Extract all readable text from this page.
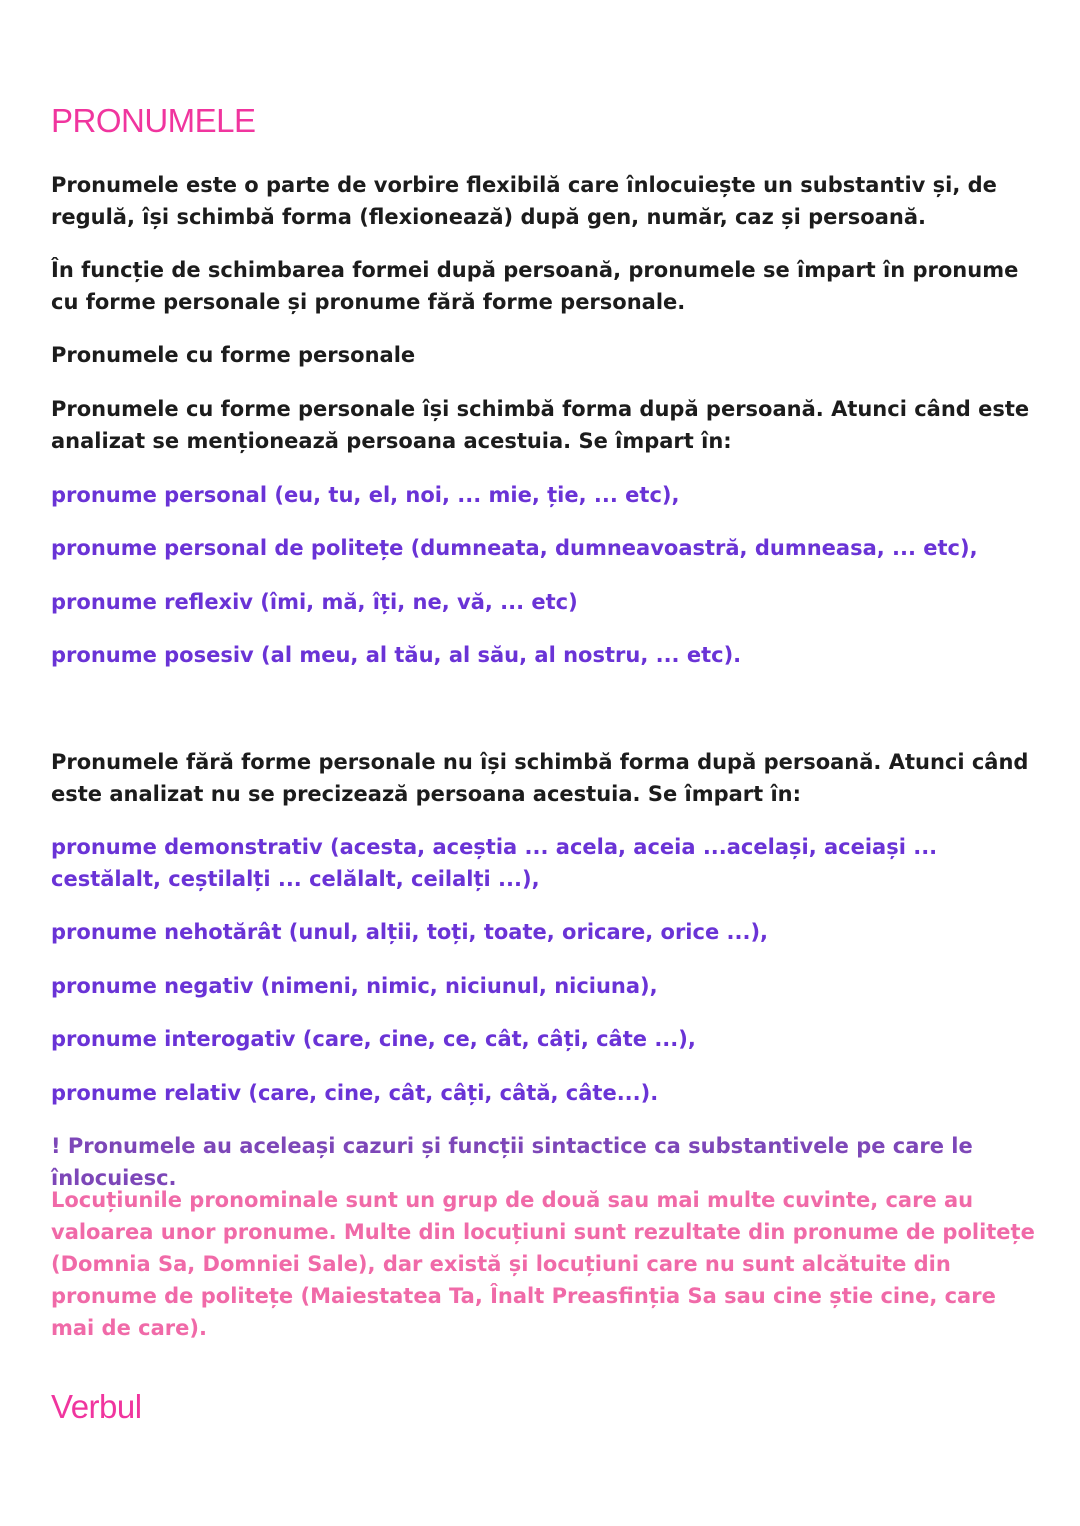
PRONUMELE

Pronumele este o parte de vorbire flexibilă care înlocuiește un substantiv și, de regulă, își schimbă forma (flexionează) după gen, număr, caz și persoană.

În funcție de schimbarea formei după persoană, pronumele se împart în pronume cu forme personale și pronume fără forme personale.

Pronumele cu forme personale

Pronumele cu forme personale își schimbă forma după persoană. Atunci când este analizat se menționează persoana acestuia. Se împart în:

pronume personal (eu, tu, el, noi, ... mie, ție, ... etc),

pronume personal de politețe (dumneata, dumneavoastră, dumneasa, ... etc),

pronume reflexiv (îmi, mă, îți, ne, vă, ... etc)

pronume posesiv (al meu, al tău, al său, al nostru, ... etc).

Pronumele fără forme personale nu își schimbă forma după persoană. Atunci când este analizat nu se precizează persoana acestuia. Se împart în:

pronume demonstrativ (acesta, aceștia ... acela, aceia ...același, aceiași ... cestălalt, ceștilalți ... celălalt, ceilalți ...),

pronume nehotărât (unul, alții, toți, toate, oricare, orice ...),

pronume negativ (nimeni, nimic, niciunul, niciuna),

pronume interogativ (care, cine, ce, cât, câți, câte ...),

pronume relativ (care, cine, cât, câți, câtă, câte...).

! Pronumele au aceleași cazuri și funcții sintactice ca substantivele pe care le înlocuiesc.

Locuțiunile pronominale sunt un grup de două sau mai multe cuvinte, care au valoarea unor pronume. Multe din locuțiuni sunt rezultate din pronume de politețe (Domnia Sa, Domniei Sale), dar există și locuțiuni care nu sunt alcătuite din pronume de politețe (Maiestatea Ta, Înalt Preasfinția Sa sau cine știe cine, care mai de care).

Verbul
